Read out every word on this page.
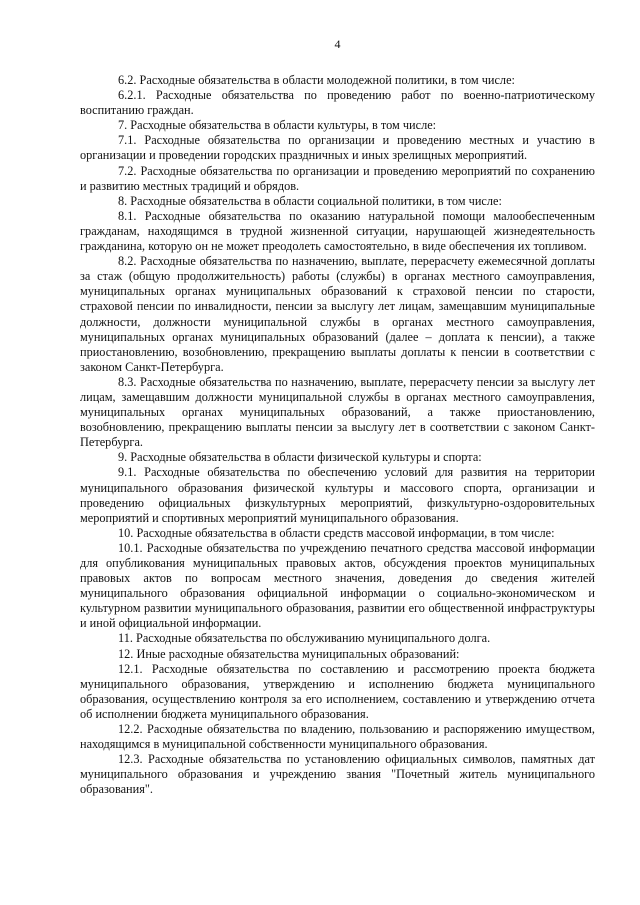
4

6.2. Расходные обязательства в области молодежной политики, в том числе:

6.2.1. Расходные обязательства по проведению работ по военно-патриотическому воспитанию граждан.

7. Расходные обязательства в области культуры, в том числе:

7.1. Расходные обязательства по организации и проведению местных и участию в организации и проведении городских праздничных и иных зрелищных мероприятий.

7.2. Расходные обязательства по организации и проведению мероприятий по сохранению и развитию местных традиций и обрядов.

8. Расходные обязательства в области социальной политики, в том числе:

8.1. Расходные обязательства по оказанию натуральной помощи малообеспеченным гражданам, находящимся в трудной жизненной ситуации, нарушающей жизнедеятельность гражданина, которую он не может преодолеть самостоятельно, в виде обеспечения их топливом.

8.2. Расходные обязательства по назначению, выплате, перерасчету ежемесячной доплаты за стаж (общую продолжительность) работы (службы) в органах местного самоуправления, муниципальных органах муниципальных образований к страховой пенсии по старости, страховой пенсии по инвалидности, пенсии за выслугу лет лицам, замещавшим муниципальные должности, должности муниципальной службы в органах местного самоуправления, муниципальных органах муниципальных образований (далее – доплата к пенсии), а также приостановлению, возобновлению, прекращению выплаты доплаты к пенсии в соответствии с законом Санкт-Петербурга.

8.3. Расходные обязательства по назначению, выплате, перерасчету пенсии за выслугу лет лицам, замещавшим должности муниципальной службы в органах местного самоуправления, муниципальных органах муниципальных образований, а также приостановлению, возобновлению, прекращению выплаты пенсии за выслугу лет в соответствии с законом Санкт-Петербурга.

9. Расходные обязательства в области физической культуры и спорта:

9.1. Расходные обязательства по обеспечению условий для развития на территории муниципального образования физической культуры и массового спорта, организации и проведению официальных физкультурных мероприятий, физкультурно-оздоровительных мероприятий и спортивных мероприятий муниципального образования.

10. Расходные обязательства в области средств массовой информации, в том числе:

10.1. Расходные обязательства по учреждению печатного средства массовой информации для опубликования муниципальных правовых актов, обсуждения проектов муниципальных правовых актов по вопросам местного значения, доведения до сведения жителей муниципального образования официальной информации о социально-экономическом и культурном развитии муниципального образования, развитии его общественной инфраструктуры и иной официальной информации.

11. Расходные обязательства по обслуживанию муниципального долга.

12. Иные расходные обязательства муниципальных образований:

12.1. Расходные обязательства по составлению и рассмотрению проекта бюджета муниципального образования, утверждению и исполнению бюджета муниципального образования, осуществлению контроля за его исполнением, составлению и утверждению отчета об исполнении бюджета муниципального образования.

12.2. Расходные обязательства по владению, пользованию и распоряжению имуществом, находящимся в муниципальной собственности муниципального образования.

12.3. Расходные обязательства по установлению официальных символов, памятных дат муниципального образования и учреждению звания "Почетный житель муниципального образования".
